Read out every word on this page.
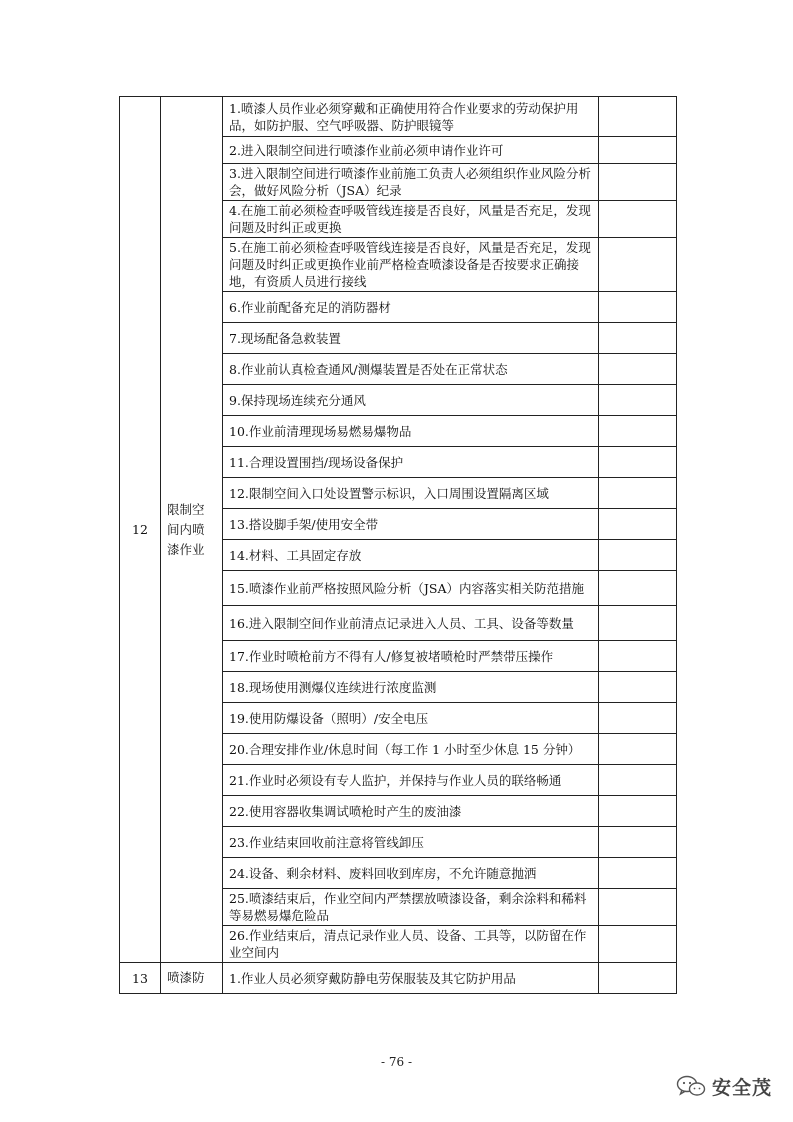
12	限制空间内喷漆作业	1.喷漆人员作业必须穿戴和正确使用符合作业要求的劳动保护用品，如防护服、空气呼吸器、防护眼镜等	
		2.进入限制空间进行喷漆作业前必须申请作业许可	
		3.进入限制空间进行喷漆作业前施工负责人必须组织作业风险分析会，做好风险分析（JSA）纪录	
		4.在施工前必须检查呼吸管线连接是否良好，风量是否充足，发现问题及时纠正或更换	
		5.在施工前必须检查呼吸管线连接是否良好，风量是否充足，发现问题及时纠正或更换作业前严格检查喷漆设备是否按要求正确接地，有资质人员进行接线	
		6.作业前配备充足的消防器材	
		7.现场配备急救装置	
		8.作业前认真检查通风/测爆装置是否处在正常状态	
		9.保持现场连续充分通风	
		10.作业前清理现场易燃易爆物品	
		11.合理设置围挡/现场设备保护	
		12.限制空间入口处设置警示标识，入口周围设置隔离区域	
		13.搭设脚手架/使用安全带	
		14.材料、工具固定存放	
		15.喷漆作业前严格按照风险分析（JSA）内容落实相关防范措施	
		16.进入限制空间作业前清点记录进入人员、工具、设备等数量	
		17.作业时喷枪前方不得有人/修复被堵喷枪时严禁带压操作	
		18.现场使用测爆仪连续进行浓度监测	
		19.使用防爆设备（照明）/安全电压	
		20.合理安排作业/休息时间（每工作 1 小时至少休息 15 分钟）	
		21.作业时必须设有专人监护，并保持与作业人员的联络畅通	
		22.使用容器收集调试喷枪时产生的废油漆	
		23.作业结束回收前注意将管线卸压	
		24.设备、剩余材料、废料回收到库房，不允许随意抛洒	
		25.喷漆结束后，作业空间内严禁摆放喷漆设备，剩余涂料和稀料等易燃易爆危险品	
		26.作业结束后，清点记录作业人员、设备、工具等，以防留在作业空间内	
13	喷漆防	1.作业人员必须穿戴防静电劳保服装及其它防护用品	
- 76 -
安全茂
